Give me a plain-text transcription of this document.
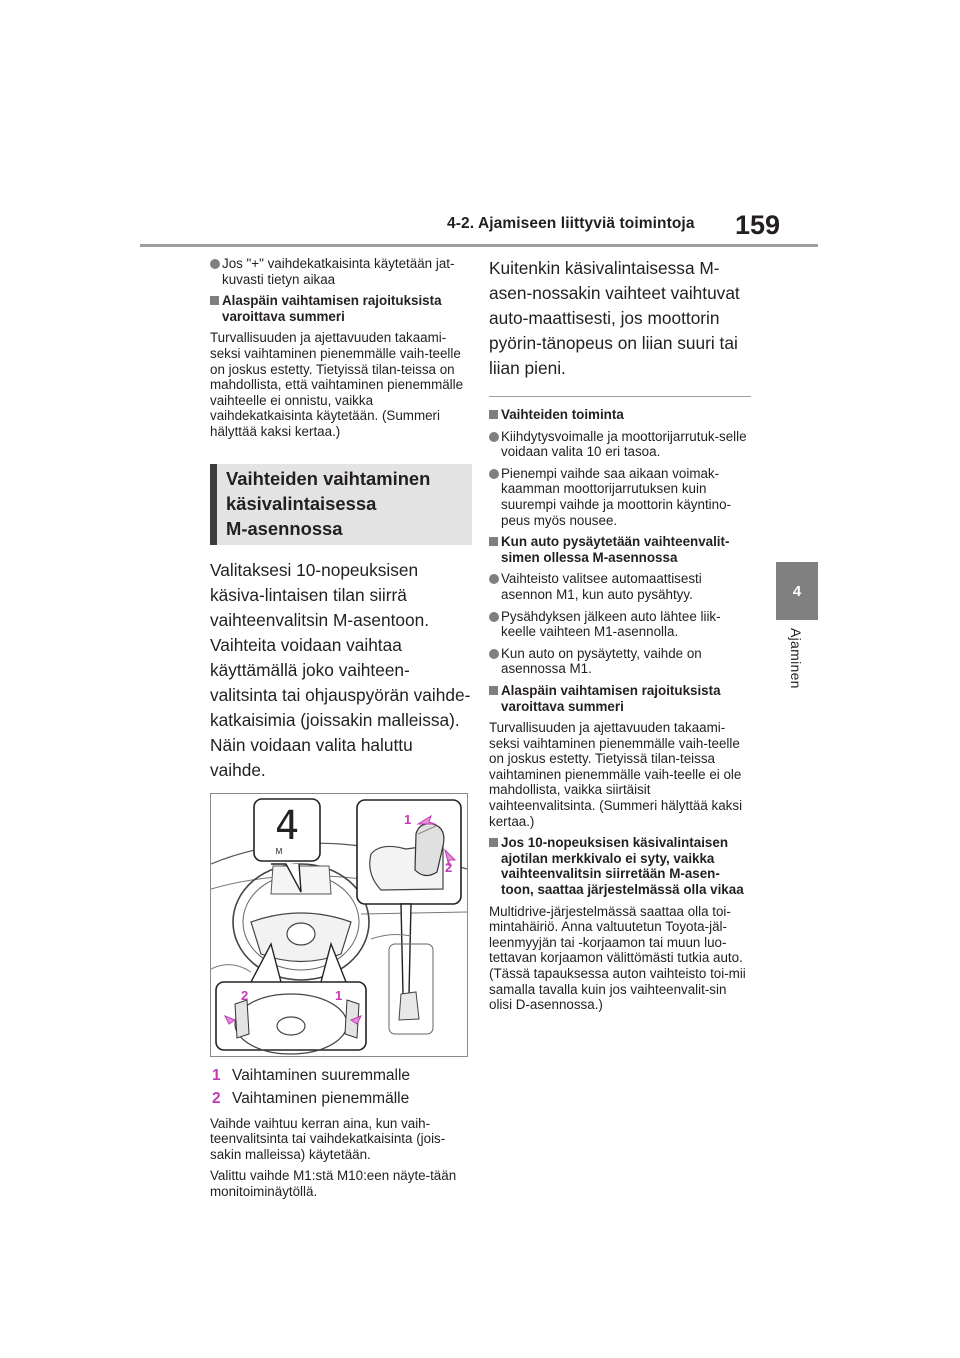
4-2. Ajamiseen liittyviä toimintoja 159
4
Ajaminen
Jos "+" vaihdekatkaisinta käytetään jat-kuvasti tietyn aikaa
Alaspäin vaihtamisen rajoituksista varoittava summeri
Turvallisuuden ja ajettavuuden takaami-seksi vaihtaminen pienemmälle vaih-teelle on joskus estetty. Tietyissä tilan-teissa on mahdollista, että vaihtaminen pienemmälle vaihteelle ei onnistu, vaikka vaihdekatkaisinta käytetään. (Summeri hälyttää kaksi kertaa.)
Vaihteiden vaihtaminen
käsivalintaisessa
M-asennossa
Valitaksesi 10-nopeuksisen käsiva-lintaisen tilan siirrä vaihteenvalitsin M-asentoon. Vaihteita voidaan vaihtaa käyttämällä joko vaihteen-valitsinta tai ohjauspyörän vaihde-katkaisimia (joissakin malleissa). Näin voidaan valita haluttu vaihde.
4
M
1
2
2	1
1 Vaihtaminen suuremmalle
2 Vaihtaminen pienemmälle
Vaihde vaihtuu kerran aina, kun vaih-teenvalitsinta tai vaihdekatkaisinta (jois-sakin malleissa) käytetään.
Valittu vaihde M1:stä M10:een näyte-tään monitoiminäytöllä.
Kuitenkin käsivalintaisessa M-asen-nossakin vaihteet vaihtuvat auto-maattisesti, jos moottorin pyörin-tänopeus on liian suuri tai liian pieni.
Vaihteiden toiminta
Kiihdytysvoimalle ja moottorijarrutuk-selle voidaan valita 10 eri tasoa.
Pienempi vaihde saa aikaan voimak-kaamman moottorijarrutuksen kuin suurempi vaihde ja moottorin käyntino-peus myös nousee.
Kun auto pysäytetään vaihteenvalit-simen ollessa M-asennossa
Vaihteisto valitsee automaattisesti asennon M1, kun auto pysähtyy.
Pysähdyksen jälkeen auto lähtee liik-keelle vaihteen M1-asennolla.
Kun auto on pysäytetty, vaihde on asennossa M1.
Alaspäin vaihtamisen rajoituksista varoittava summeri
Turvallisuuden ja ajettavuuden takaami-seksi vaihtaminen pienemmälle vaih-teelle on joskus estetty. Tietyissä tilan-teissa vaihtaminen pienemmälle vaih-teelle ei ole mahdollista, vaikka siirtäisit vaihteenvalitsinta. (Summeri hälyttää kaksi kertaa.)
Jos 10-nopeuksisen käsivalintaisen ajotilan merkkivalo ei syty, vaikka vaihteenvalitsin siirretään M-asen-toon, saattaa järjestelmässä olla vikaa
Multidrive-järjestelmässä saattaa olla toi-mintahäiriö. Anna valtuutetun Toyota-jäl-leenmyyjän tai -korjaamon tai muun luo-tettavan korjaamon välittömästi tutkia auto.
(Tässä tapauksessa auton vaihteisto toi-mii samalla tavalla kuin jos vaihteenvalit-sin olisi D-asennossa.)
